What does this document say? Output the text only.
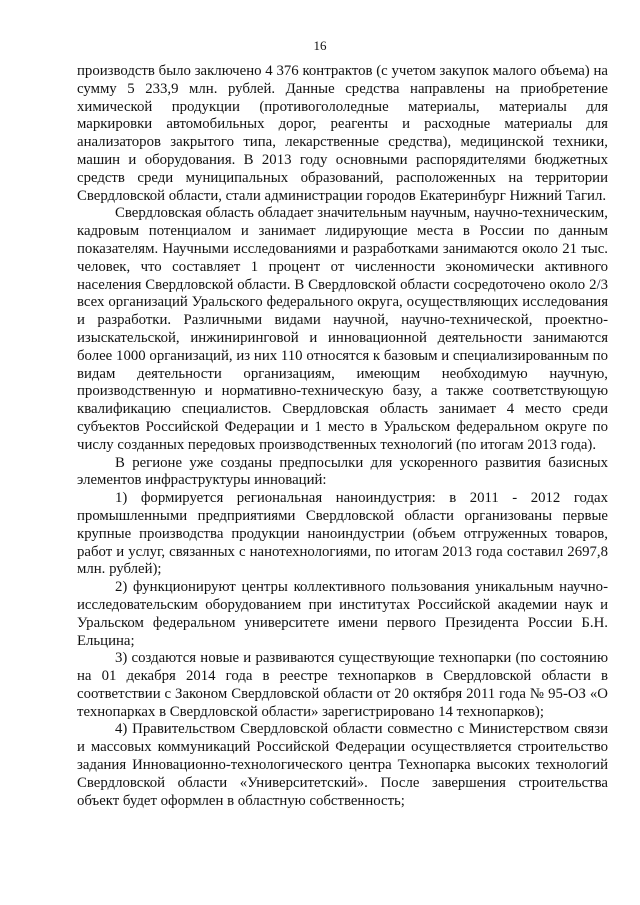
16

производств было заключено 4 376 контрактов (с учетом закупок малого объема) на сумму 5 233,9 млн. рублей. Данные средства направлены на приобретение химической продукции (противогололедные материалы, материалы для маркировки автомобильных дорог, реагенты и расходные материалы для анализаторов закрытого типа, лекарственные средства), медицинской техники, машин и оборудования. В 2013 году основными распорядителями бюджетных средств среди муниципальных образований, расположенных на территории Свердловской области, стали администрации городов Екатеринбург Нижний Тагил.

Свердловская область обладает значительным научным, научно-техническим, кадровым потенциалом и занимает лидирующие места в России по данным показателям. Научными исследованиями и разработками занимаются около 21 тыс. человек, что составляет 1 процент от численности экономически активного населения Свердловской области. В Свердловской области сосредоточено около 2/3 всех организаций Уральского федерального округа, осуществляющих исследования и разработки. Различными видами научной, научно-технической, проектно-изыскательской, инжиниринговой и инновационной деятельности занимаются более 1000 организаций, из них 110 относятся к базовым и специализированным по видам деятельности организациям, имеющим необходимую научную, производственную и нормативно-техническую базу, а также соответствующую квалификацию специалистов. Свердловская область занимает 4 место среди субъектов Российской Федерации и 1 место в Уральском федеральном округе по числу созданных передовых производственных технологий (по итогам 2013 года).

В регионе уже созданы предпосылки для ускоренного развития базисных элементов инфраструктуры инноваций:

1) формируется региональная наноиндустрия: в 2011 - 2012 годах промышленными предприятиями Свердловской области организованы первые крупные производства продукции наноиндустрии (объем отгруженных товаров, работ и услуг, связанных с нанотехнологиями, по итогам 2013 года составил 2697,8 млн. рублей);

2) функционируют центры коллективного пользования уникальным научно-исследовательским оборудованием при институтах Российской академии наук и Уральском федеральном университете имени первого Президента России Б.Н. Ельцина;

3) создаются новые и развиваются существующие технопарки (по состоянию на 01 декабря 2014 года в реестре технопарков в Свердловской области в соответствии с Законом Свердловской области от 20 октября 2011 года № 95-ОЗ «О технопарках в Свердловской области» зарегистрировано 14 технопарков);

4) Правительством Свердловской области совместно с Министерством связи и массовых коммуникаций Российской Федерации осуществляется строительство задания Инновационно-технологического центра Технопарка высоких технологий Свердловской области «Университетский». После завершения строительства объект будет оформлен в областную собственность;
